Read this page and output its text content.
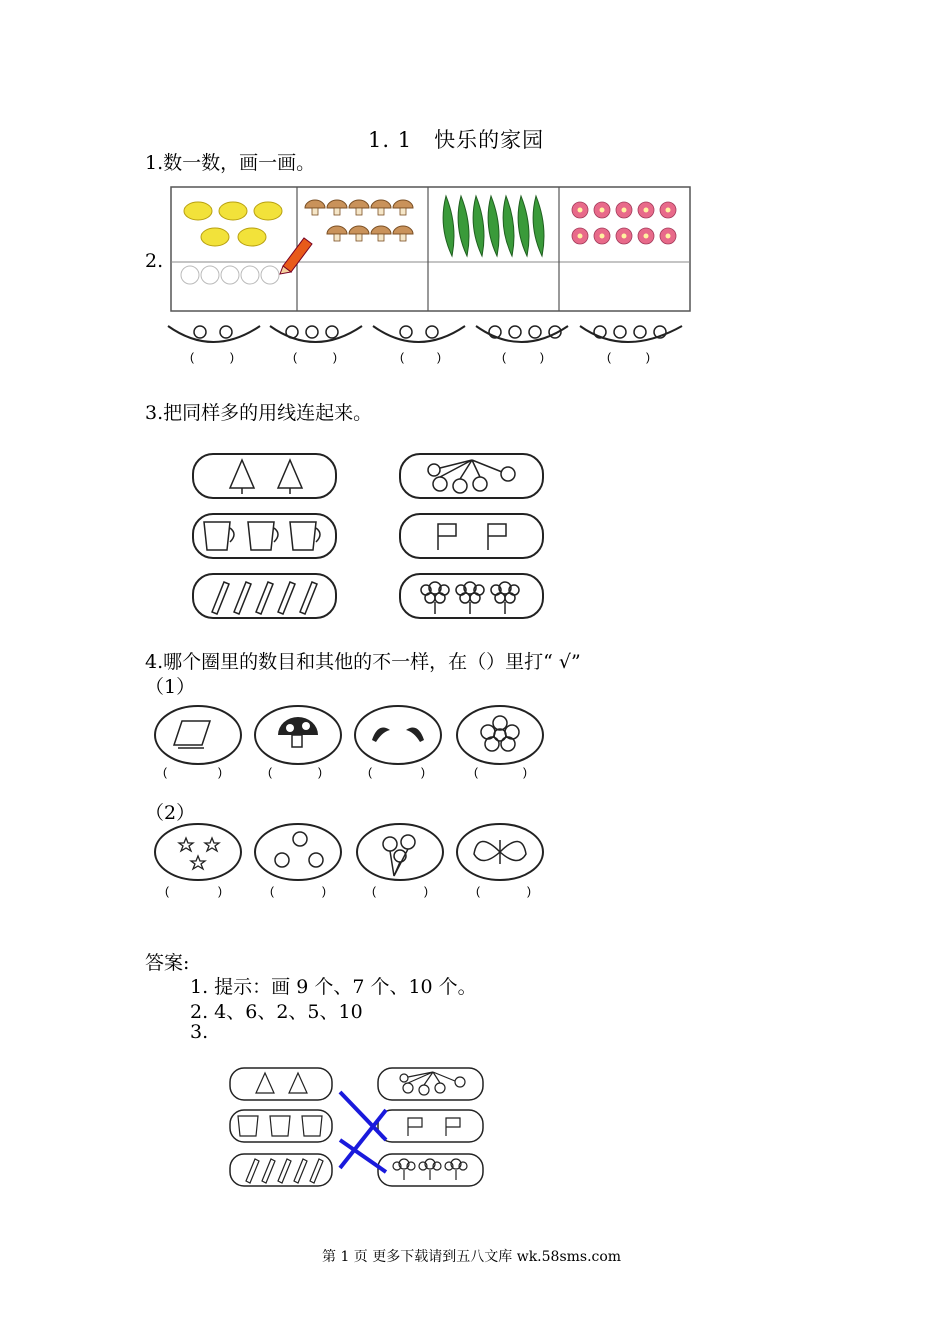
1. 1 快乐的家园
1.数一数，画一画。
2.
(	)	(	)	(	)	(	)	(	)
3.把同样多的用线连起来。
4.哪个圈里的数目和其他的不一样，在（）里打“ √”
（1）
(	)	(	)	(	)	(	)
（2）
(	)	(	)	(	)	(	)
答案:
1. 提示：画 9 个、7 个、10 个。
2. 4、6、2、5、10
3.
第 1 页 更多下载请到五八文库 wk.58sms.com
